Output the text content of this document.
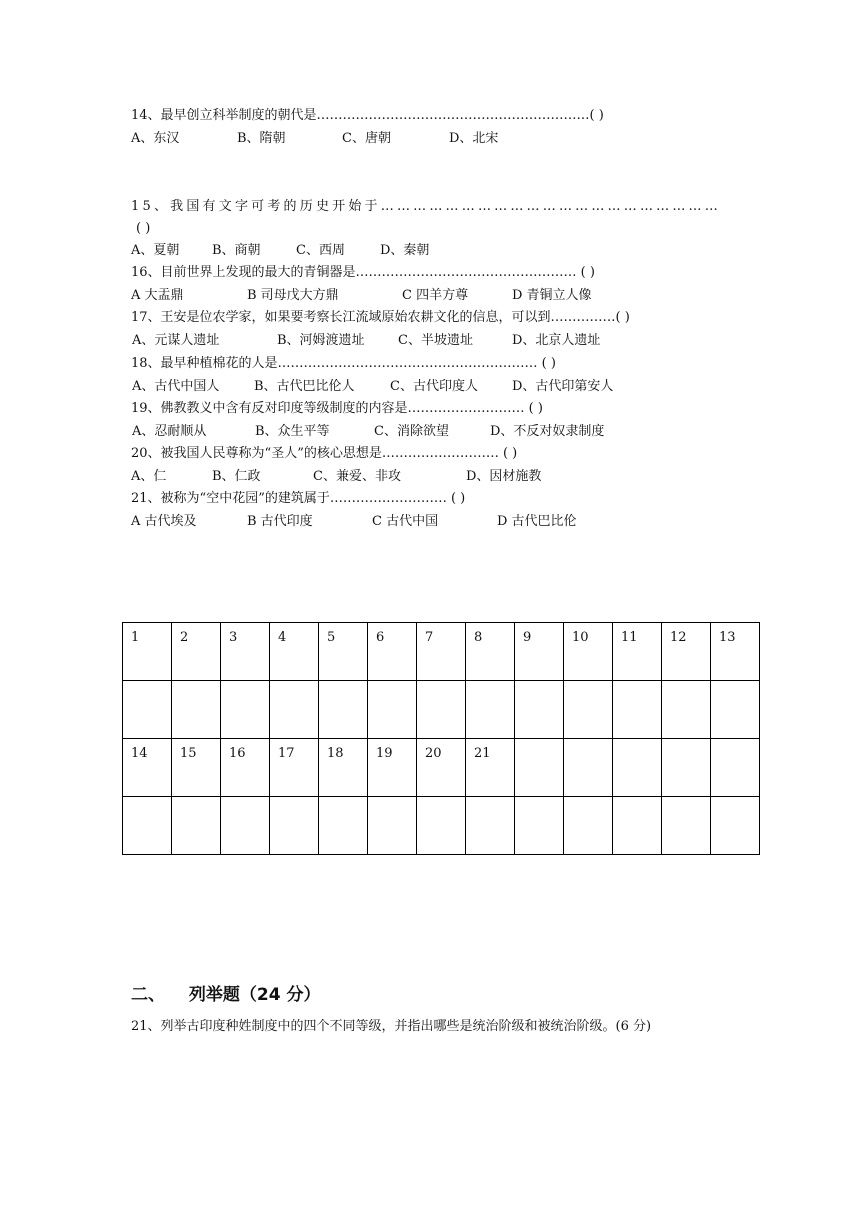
14、最早创立科举制度的朝代是………………………………………………………( )
A、东汉	B、隋朝	C、唐朝	D、北宋
15、我国有文字可考的历史开始于………………………………………………………
( )
A、夏朝	B、商朝	C、西周	D、秦朝
16、目前世界上发现的最大的青铜器是…………………………………………… ( )
A 大盂鼎	B 司母戊大方鼎	C 四羊方尊	D 青铜立人像
17、王安是位农学家，如果要考察长江流域原始农耕文化的信息，可以到……………( )
A、元谋人遗址	B、河姆渡遗址	C、半坡遗址	D、北京人遗址
18、最早种植棉花的人是…………………………………………………… ( )
A、古代中国人	B、古代巴比伦人	C、古代印度人	D、古代印第安人
19、佛教教义中含有反对印度等级制度的内容是……………………… ( )
A、忍耐顺从	B、众生平等	C、消除欲望	D、不反对奴隶制度
20、被我国人民尊称为“圣人”的核心思想是……………………… ( )
A、仁	B、仁政	C、兼爱、非攻	D、因材施教
21、被称为“空中花园”的建筑属于……………………… ( )
A 古代埃及	B 古代印度	C 古代中国	D 古代巴比伦
1	2	3	4	5	6	7	8	9	10	11	12	13

14	15	16	17	18	19	20	21					

二、 列举题（24 分）
21、列举古印度种姓制度中的四个不同等级，并指出哪些是统治阶级和被统治阶级。(6 分)
